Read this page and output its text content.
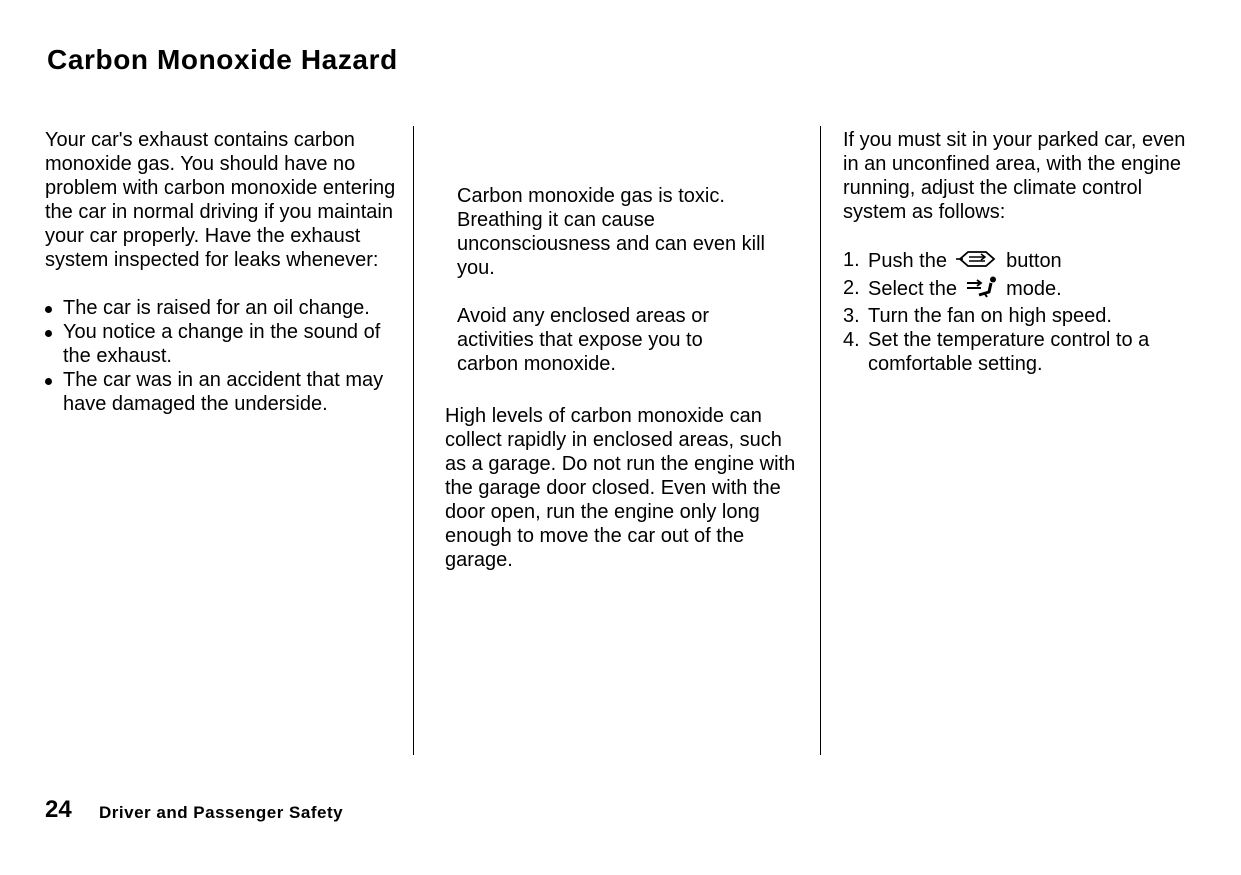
Carbon Monoxide Hazard

Your car's exhaust contains carbon monoxide gas. You should have no problem with carbon monoxide entering the car in normal driving if you maintain your car properly. Have the exhaust system inspected for leaks whenever:

The car is raised for an oil change.
You notice a change in the sound of the exhaust.
The car was in an accident that may have damaged the underside.

Carbon monoxide gas is toxic. Breathing it can cause unconsciousness and can even kill you.

Avoid any enclosed areas or activities that expose you to carbon monoxide.

High levels of carbon monoxide can collect rapidly in enclosed areas, such as a garage. Do not run the engine with the garage door closed. Even with the door open, run the engine only long enough to move the car out of the garage.

If you must sit in your parked car, even in an unconfined area, with the engine running, adjust the climate control system as follows:

1. Push the	button
2. Select the mode.
3. Turn the fan on high speed.
4. Set the temperature control to a comfortable setting.
24 Driver and Passenger Safety
